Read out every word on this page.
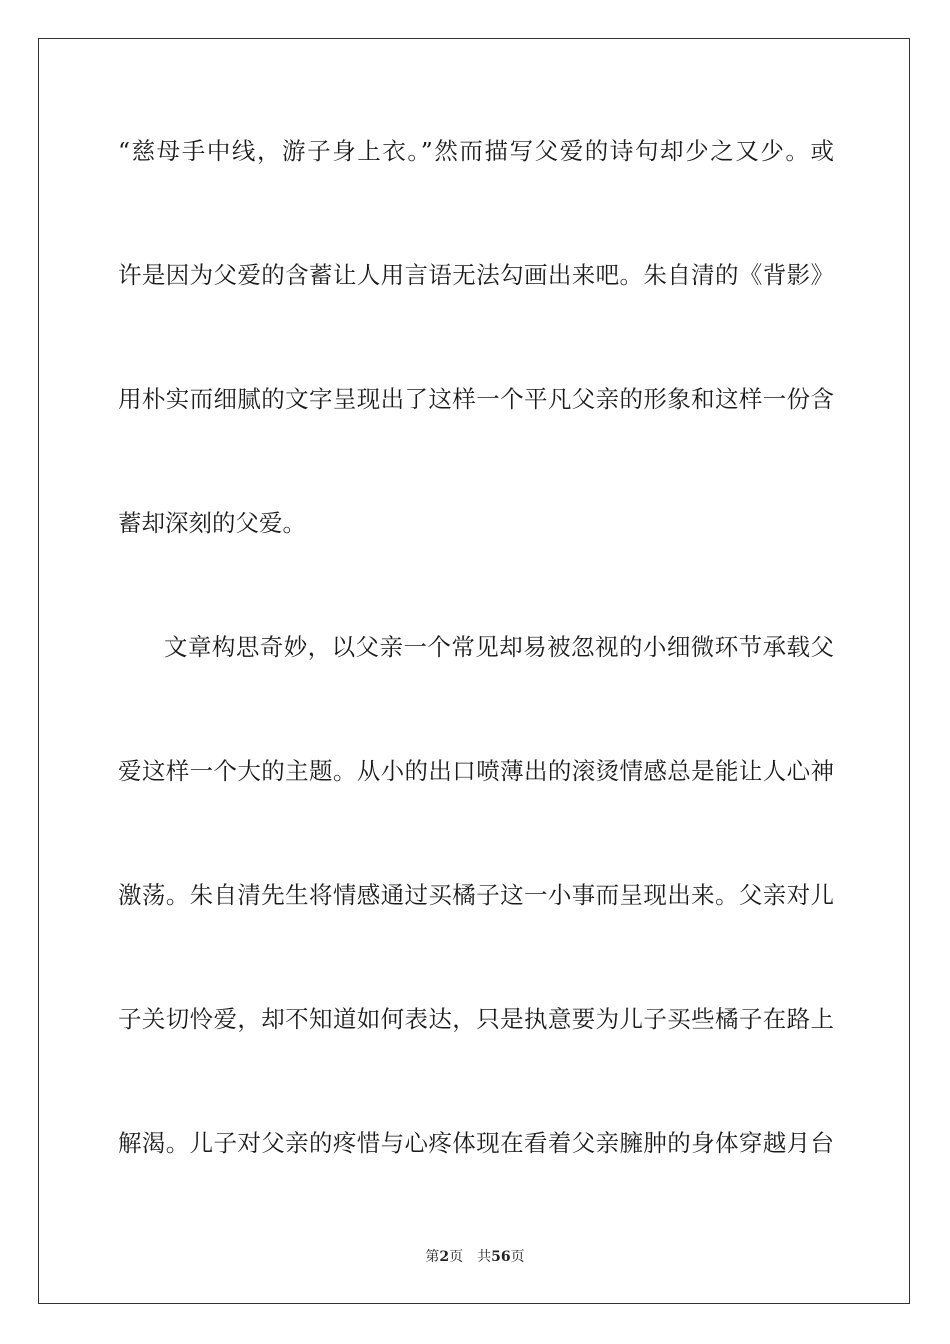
“慈母手中线，游子身上衣。”然而描写父爱的诗句却少之又少。或
许是因为父爱的含蓄让人用言语无法勾画出来吧。朱自清的《背影》
用朴实而细腻的文字呈现出了这样一个平凡父亲的形象和这样一份含
蓄却深刻的父爱。
文章构思奇妙，以父亲一个常见却易被忽视的小细微环节承载父
爱这样一个大的主题。从小的出口喷薄出的滚烫情感总是能让人心神
激荡。朱自清先生将情感通过买橘子这一小事而呈现出来。父亲对儿
子关切怜爱，却不知道如何表达，只是执意要为儿子买些橘子在路上
解渴。儿子对父亲的疼惜与心疼体现在看着父亲臃肿的身体穿越月台
第2页 共56页
